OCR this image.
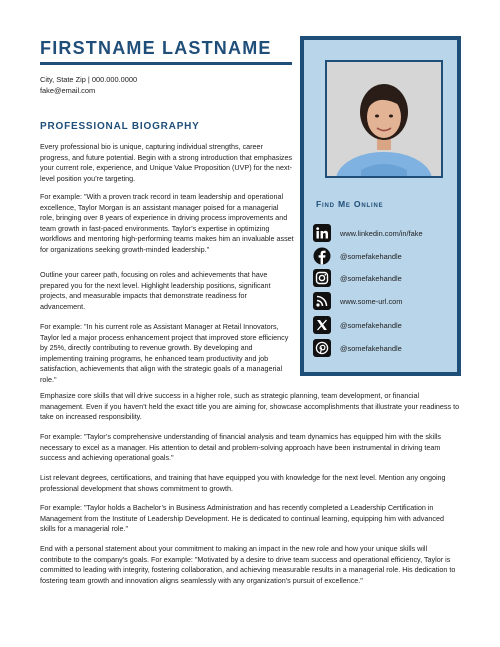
FIRSTNAME LASTNAME
City, State Zip | 000.000.0000
fake@email.com
PROFESSIONAL BIOGRAPHY

Every professional bio is unique, capturing individual strengths, career progress, and future potential. Begin with a strong introduction that emphasizes your current role, experience, and Unique Value Proposition (UVP) for the next-level position you’re targeting.

For example: "With a proven track record in team leadership and operational excellence, Taylor Morgan is an assistant manager poised for a managerial role, bringing over 8 years of experience in driving process improvements and team growth in fast-paced environments. Taylor’s expertise in optimizing workflows and mentoring high-performing teams makes him an invaluable asset for organizations seeking growth-minded leadership."

Outline your career path, focusing on roles and achievements that have prepared you for the next level. Highlight leadership positions, significant projects, and measurable impacts that demonstrate readiness for advancement.

For example: "In his current role as Assistant Manager at Retail Innovators, Taylor led a major process enhancement project that improved store efficiency by 25%, directly contributing to revenue growth. By developing and implementing training programs, he enhanced team productivity and job satisfaction, achievements that align with the strategic goals of a managerial role."

Emphasize core skills that will drive success in a higher role, such as strategic planning, team development, or financial management. Even if you haven’t held the exact title you are aiming for, showcase accomplishments that illustrate your readiness to take on increased responsibility.

For example: "Taylor’s comprehensive understanding of financial analysis and team dynamics has equipped him with the skills necessary to excel as a manager. His attention to detail and problem-solving approach have been instrumental in driving team success and achieving operational goals."

List relevant degrees, certifications, and training that have equipped you with knowledge for the next level. Mention any ongoing professional development that shows commitment to growth.

For example: "Taylor holds a Bachelor’s in Business Administration and has recently completed a Leadership Certification in Management from the Institute of Leadership Development. He is dedicated to continual learning, equipping him with advanced skills for a managerial role."

End with a personal statement about your commitment to making an impact in the new role and how your unique skills will contribute to the company’s goals. For example: "Motivated by a desire to drive team success and operational efficiency, Taylor is committed to leading with integrity, fostering collaboration, and achieving measurable results in a managerial role. His dedication to fostering team growth and innovation aligns seamlessly with any organization’s pursuit of excellence."

Find Me Online
www.linkedin.com/in/fake
@somefakehandle
@somefakehandle
www.some-url.com
@somefakehandle
@somefakehandle
